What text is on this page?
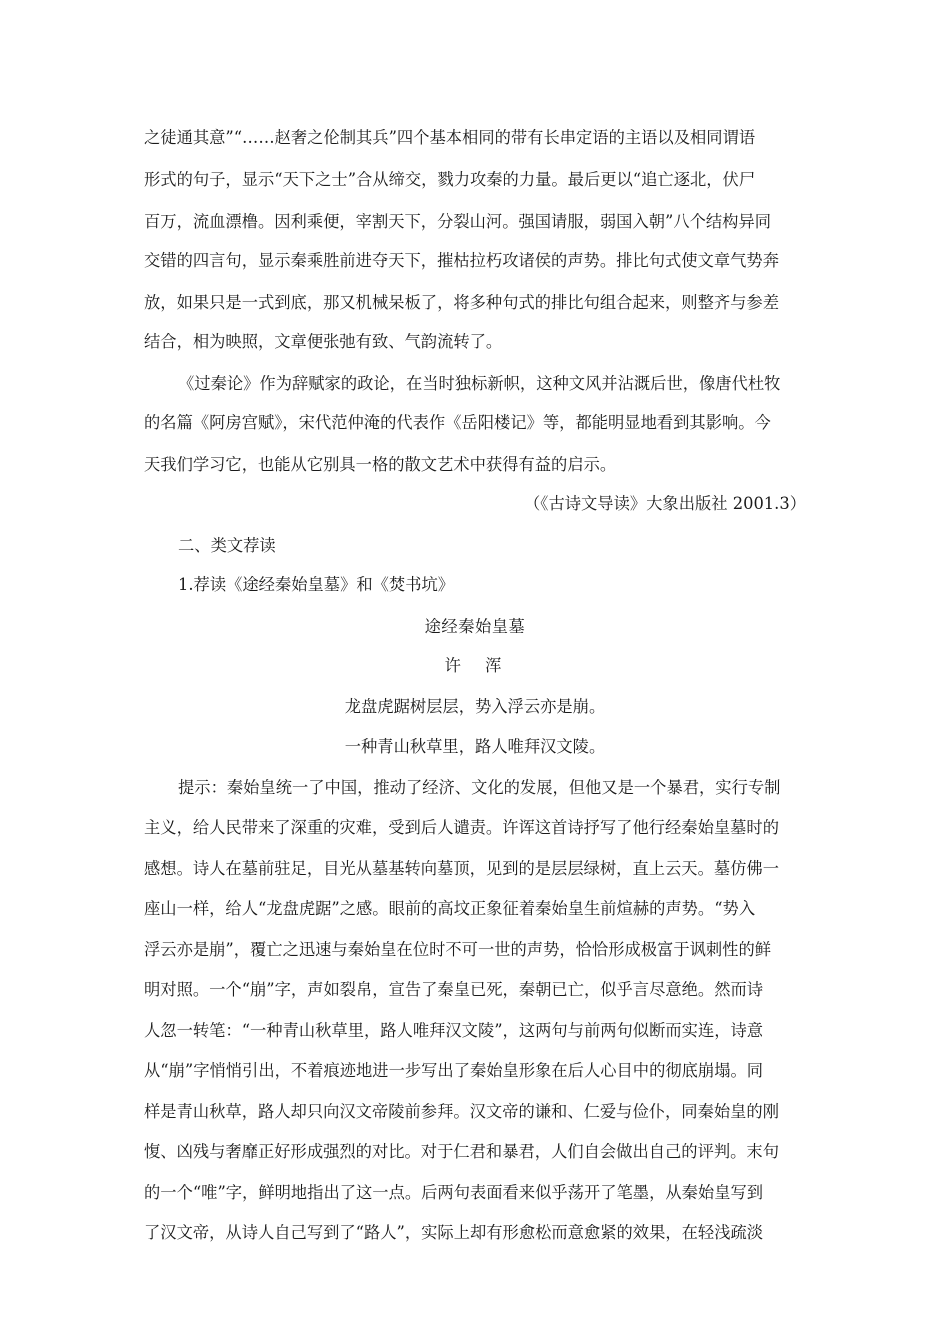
之徒通其意”“……赵奢之伦制其兵”四个基本相同的带有长串定语的主语以及相同谓语
形式的句子，显示“天下之士”合从缔交，戮力攻秦的力量。最后更以“追亡逐北，伏尸
百万，流血漂橹。因利乘便，宰割天下，分裂山河。强国请服，弱国入朝”八个结构异同
交错的四言句，显示秦乘胜前进夺天下，摧枯拉朽攻诸侯的声势。排比句式使文章气势奔
放，如果只是一式到底，那又机械呆板了，将多种句式的排比句组合起来，则整齐与参差
结合，相为映照，文章便张弛有致、气韵流转了。
《过秦论》作为辞赋家的政论，在当时独标新帜，这种文风并沾溉后世，像唐代杜牧
的名篇《阿房宫赋》，宋代范仲淹的代表作《岳阳楼记》等，都能明显地看到其影响。今
天我们学习它，也能从它别具一格的散文艺术中获得有益的启示。
（《古诗文导读》大象出版社 2001.3）
二、类文荐读
1.荐读《途经秦始皇墓》和《焚书坑》
途经秦始皇墓
许　浑
龙盘虎踞树层层，势入浮云亦是崩。
一种青山秋草里，路人唯拜汉文陵。
提示：秦始皇统一了中国，推动了经济、文化的发展，但他又是一个暴君，实行专制
主义，给人民带来了深重的灾难，受到后人谴责。许诨这首诗抒写了他行经秦始皇墓时的
感想。诗人在墓前驻足，目光从墓基转向墓顶，见到的是层层绿树，直上云天。墓仿佛一
座山一样，给人“龙盘虎踞”之感。眼前的高坟正象征着秦始皇生前煊赫的声势。“势入
浮云亦是崩”，覆亡之迅速与秦始皇在位时不可一世的声势，恰恰形成极富于讽刺性的鲜
明对照。一个“崩”字，声如裂帛，宣告了秦皇已死，秦朝已亡，似乎言尽意绝。然而诗
人忽一转笔：“一种青山秋草里，路人唯拜汉文陵”，这两句与前两句似断而实连，诗意
从“崩”字悄悄引出，不着痕迹地进一步写出了秦始皇形象在后人心目中的彻底崩塌。同
样是青山秋草，路人却只向汉文帝陵前参拜。汉文帝的谦和、仁爱与俭仆，同秦始皇的刚
愎、凶残与奢靡正好形成强烈的对比。对于仁君和暴君，人们自会做出自己的评判。末句
的一个“唯”字，鲜明地指出了这一点。后两句表面看来似乎荡开了笔墨，从秦始皇写到
了汉文帝，从诗人自己写到了“路人”，实际上却有形愈松而意愈紧的效果，在轻浅疏淡
